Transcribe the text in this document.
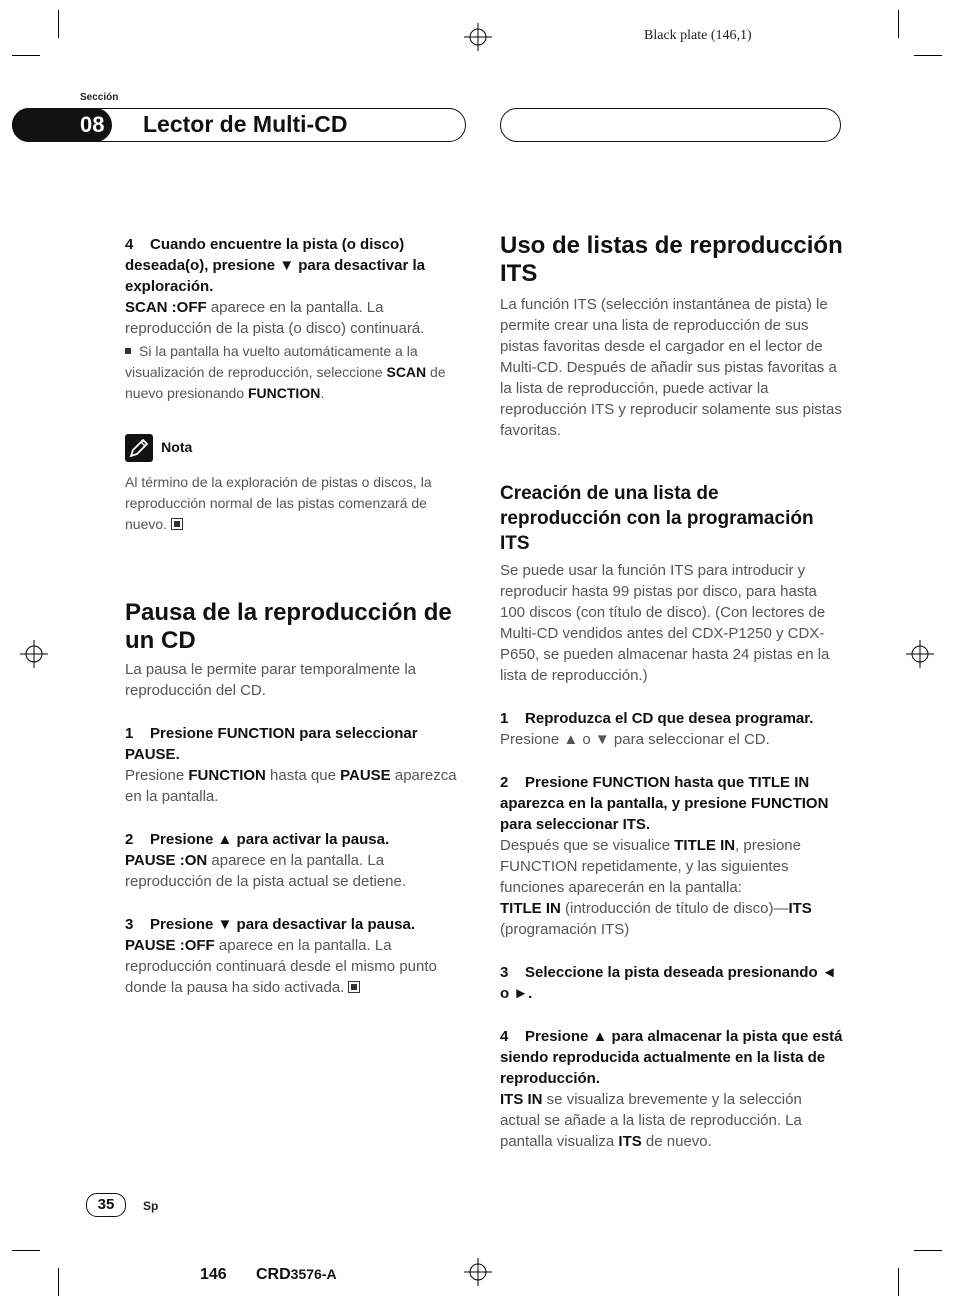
Black plate (146,1)
Sección
08	Lector de Multi-CD

4 Cuando encuentre la pista (o disco) deseada(o), presione ▼ para desactivar la exploración.

SCAN :OFF aparece en la pantalla. La reproducción de la pista (o disco) continuará.

Si la pantalla ha vuelto automáticamente a la visualización de reproducción, seleccione SCAN de nuevo presionando FUNCTION.

Nota

Al término de la exploración de pistas o discos, la reproducción normal de las pistas comenzará de nuevo.

Pausa de la reproducción de un CD

La pausa le permite parar temporalmente la reproducción del CD.

1 Presione FUNCTION para seleccionar PAUSE.

Presione FUNCTION hasta que PAUSE aparezca en la pantalla.

2 Presione ▲ para activar la pausa.

PAUSE :ON aparece en la pantalla. La reproducción de la pista actual se detiene.

3 Presione ▼ para desactivar la pausa.

PAUSE :OFF aparece en la pantalla. La reproducción continuará desde el mismo punto donde la pausa ha sido activada.

Uso de listas de reproducción ITS

La función ITS (selección instantánea de pista) le permite crear una lista de reproducción de sus pistas favoritas desde el cargador en el lector de Multi-CD. Después de añadir sus pistas favoritas a la lista de reproducción, puede activar la reproducción ITS y reproducir solamente sus pistas favoritas.

Creación de una lista de reproducción con la programación ITS

Se puede usar la función ITS para introducir y reproducir hasta 99 pistas por disco, para hasta 100 discos (con título de disco). (Con lectores de Multi-CD vendidos antes del CDX-P1250 y CDX-P650, se pueden almacenar hasta 24 pistas en la lista de reproducción.)

1 Reproduzca el CD que desea programar.

Presione ▲ o ▼ para seleccionar el CD.

2 Presione FUNCTION hasta que TITLE IN aparezca en la pantalla, y presione FUNCTION para seleccionar ITS.

Después que se visualice TITLE IN, presione FUNCTION repetidamente, y las siguientes funciones aparecerán en la pantalla:
TITLE IN (introducción de título de disco)—ITS (programación ITS)

3 Seleccione la pista deseada presionando ◄ o ►.

4 Presione ▲ para almacenar la pista que está siendo reproducida actualmente en la lista de reproducción.

ITS IN se visualiza brevemente y la selección actual se añade a la lista de reproducción. La pantalla visualiza ITS de nuevo.

35	Sp
146 CRD3576-A
